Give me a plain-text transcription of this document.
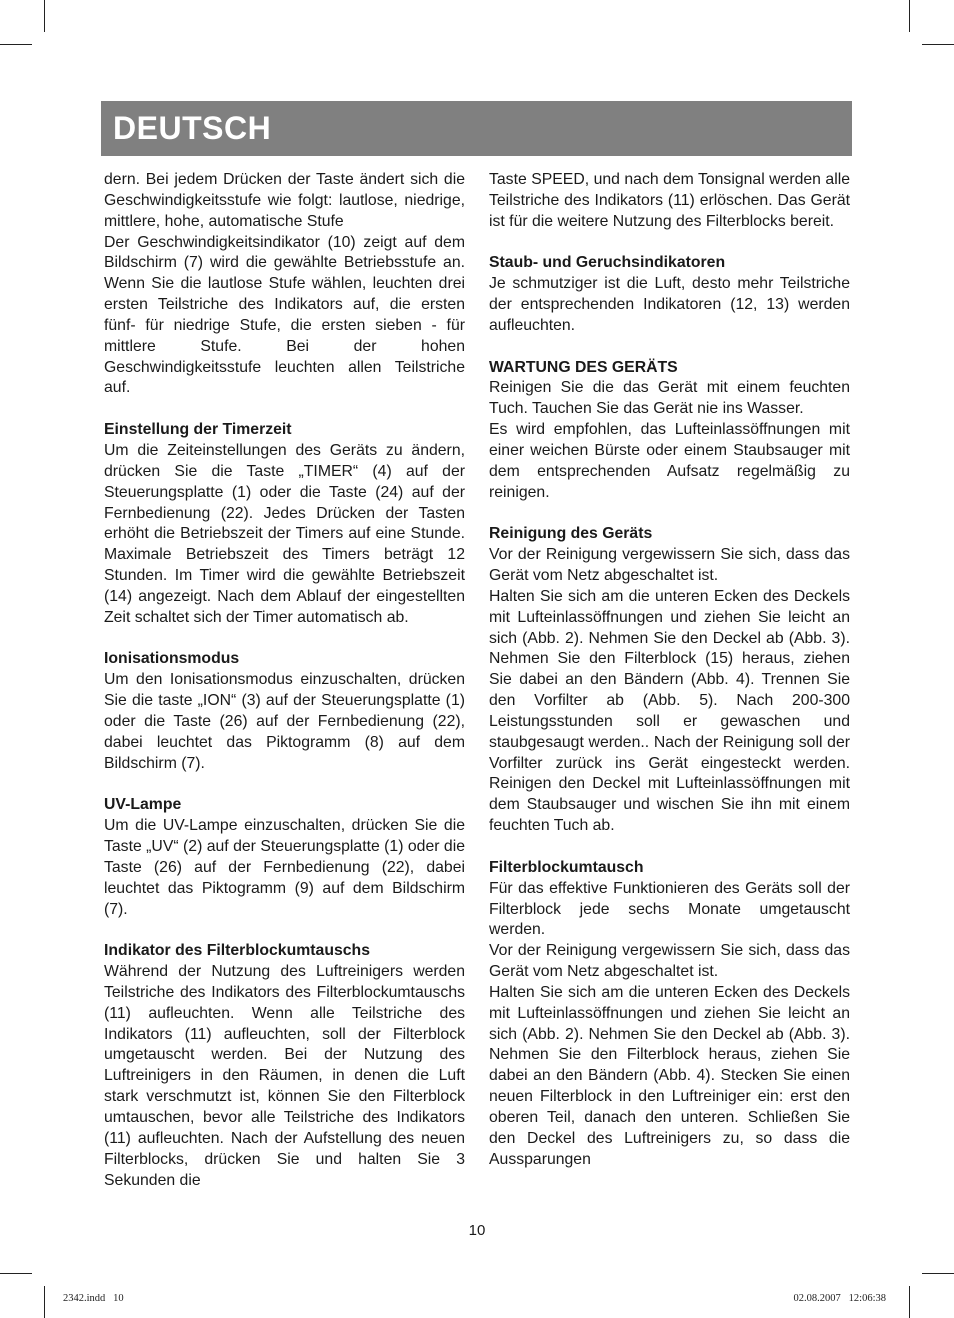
DEUTSCH

dern. Bei jedem Drücken der Taste ändert sich die Geschwindigkeitsstufe wie folgt: lautlose, niedrige, mittlere, hohe, automatische Stufe

Der Geschwindigkeitsindikator (10) zeigt auf dem Bildschirm (7) wird die gewählte Betriebsstufe an. Wenn Sie die lautlose Stufe wählen, leuchten drei ersten Teilstriche des Indikators auf, die ersten fünf- für niedrige Stufe, die ersten sieben - für mittlere Stufe. Bei der hohen Geschwindigkeitsstufe leuchten allen Teilstriche auf.

Einstellung der Timerzeit

Um die Zeiteinstellungen des Geräts zu ändern, drücken Sie die Taste „TIMER“ (4) auf der Steuerungsplatte (1) oder die Taste (24) auf der Fernbedienung (22). Jedes Drücken der Tasten erhöht die Betriebszeit der Timers auf eine Stunde. Maximale Betriebszeit des Timers beträgt 12 Stunden. Im Timer wird die gewählte Betriebszeit (14) angezeigt. Nach dem Ablauf der eingestellten Zeit schaltet sich der Timer automatisch ab.

Ionisationsmodus

Um den Ionisationsmodus einzuschalten, drücken Sie die taste „ION“ (3) auf der Steuerungsplatte (1) oder die Taste (26) auf der Fernbedienung (22), dabei leuchtet das Piktogramm (8) auf dem Bildschirm (7).

UV-Lampe

Um die UV-Lampe einzuschalten, drücken Sie die Taste „UV“ (2) auf der Steuerungsplatte (1) oder die Taste (26) auf der Fernbedienung (22), dabei leuchtet das Piktogramm (9) auf dem Bildschirm (7).

Indikator des Filterblockumtauschs

Während der Nutzung des Luftreinigers werden Teilstriche des Indikators des Filterblockumtauschs (11) aufleuchten. Wenn alle Teilstriche des Indikators (11) aufleuchten, soll der Filterblock umgetauscht werden. Bei der Nutzung des Luftreinigers in den Räumen, in denen die Luft stark verschmutzt ist, können Sie den Filterblock umtauschen, bevor alle Teilstriche des Indikators (11) aufleuchten. Nach der Aufstellung des neuen Filterblocks, drücken Sie und halten Sie 3 Sekunden die

Taste SPEED, und nach dem Tonsignal werden alle Teilstriche des Indikators (11) erlöschen. Das Gerät ist für die weitere Nutzung des Filterblocks bereit.

Staub- und Geruchsindikatoren

Je schmutziger ist die Luft, desto mehr Teilstriche der entsprechenden Indikatoren (12, 13) werden aufleuchten.

WARTUNG DES GERÄTS

Reinigen Sie die das Gerät mit einem feuchten Tuch. Tauchen Sie das Gerät nie ins Wasser.

Es wird empfohlen, das Lufteinlassöffnungen mit einer weichen Bürste oder einem Staubsauger mit dem entsprechenden Aufsatz regelmäßig zu reinigen.

Reinigung des Geräts

Vor der Reinigung vergewissern Sie sich, dass das Gerät vom Netz abgeschaltet ist.

Halten Sie sich am die unteren Ecken des Deckels mit Lufteinlassöffnungen und ziehen Sie leicht an sich (Abb. 2). Nehmen Sie den Deckel ab (Abb. 3). Nehmen Sie den Filterblock (15) heraus, ziehen Sie dabei an den Bändern (Abb. 4). Trennen Sie den Vorfilter ab (Abb. 5). Nach 200-300 Leistungsstunden soll er gewaschen und staubgesaugt werden.. Nach der Reinigung soll der Vorfilter zurück ins Gerät eingesteckt werden. Reinigen den Deckel mit Lufteinlassöffnungen mit dem Staubsauger und wischen Sie ihn mit einem feuchten Tuch ab.

Filterblockumtausch

Für das effektive Funktionieren des Geräts soll der Filterblock jede sechs Monate umgetauscht werden.

Vor der Reinigung vergewissern Sie sich, dass das Gerät vom Netz abgeschaltet ist.

Halten Sie sich am die unteren Ecken des Deckels mit Lufteinlassöffnungen und ziehen Sie leicht an sich (Abb. 2). Nehmen Sie den Deckel ab (Abb. 3). Nehmen Sie den Filterblock heraus, ziehen Sie dabei an den Bändern (Abb. 4). Stecken Sie einen neuen Filterblock in den Luftreiniger ein: erst den oberen Teil, danach den unteren. Schließen Sie den Deckel des Luftreinigers zu, so dass die Aussparungen

10
2342.indd   10	02.08.2007   12:06:38
